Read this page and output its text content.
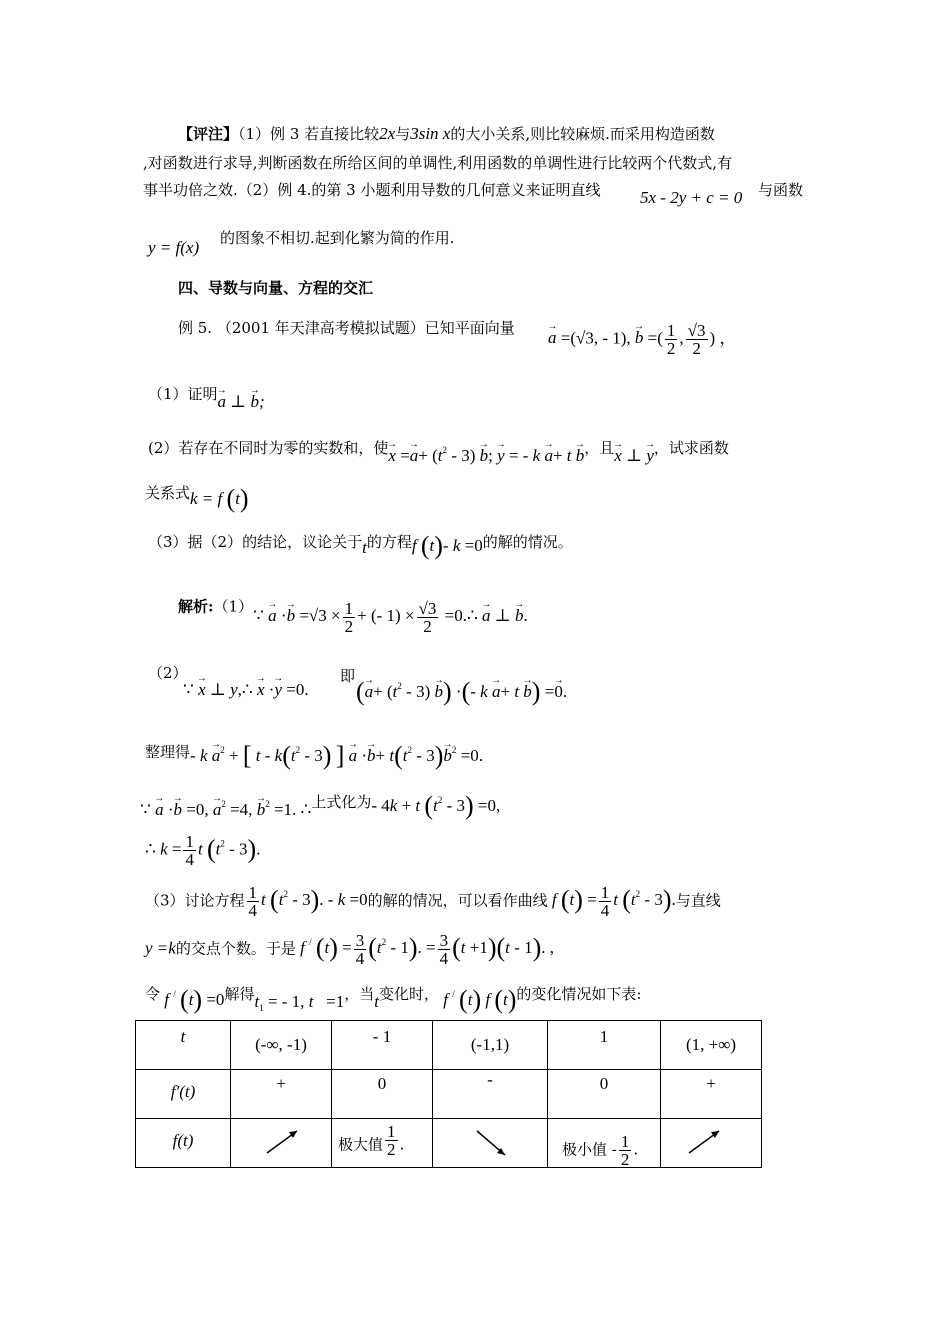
【评注】（1）例 3 若直接比较2x与3sin x的大小关系,则比较麻烦.而采用构造函数
,对函数进行求导,判断函数在所给区间的单调性,利用函数的单调性进行比较两个代数式,有
事半功倍之效.（2）例 4.的第 3 小题利用导数的几何意义来证明直线 5x - 2y + c = 0 与函数
y = f(x) 的图象不相切.起到化繁为简的作用.
四、导数与向量、方程的交汇
例 5. （2001 年天津高考模拟试题）已知平面向量
→ a =(√3, - 1), → b =( $\frac{1}{2}$ , $\frac{√3}{2}$ ) ，
（1）证明→ a ⊥ → b;
(2）若存在不同时为零的实数和，使→ $x =\to a+ (t^2 - 3) \to b$; → y = - k → a+ t → b，且→ x ⊥ → y，试求函数
关系式k = f (t)
（3）据（2）的结论，议论关于t的方程f (t)- k =0的解的情况。
解析:（1）∵ → $a \cdot\to b =√3 \times \frac{1}{2}$ + (- $1) \times \frac{√3}{2}$ =0.∴ → a ⊥ → b.
（2）
∵ → x ⊥ y,∴ → x ·→ y =0.
即
(→ $a+ (t^2 - 3) \to b$) ·(- k → a+ t → b) =→ 0.
整理得- $k \to a^2$ + [ t - $k(t^2 - 3)$ ] → $a \cdot\to b+ t(t^2 - 3)\to b^2 =0$.
∵ → a ·→ b =0, → $a^2 =4$, → $b^2 =1$. ∴上式化为- 4k + t $(t^2 - 3) =0$,
∴ $k = \frac{1}{4}$ t $(t^2 - 3)$.
（3）讨论方程 $\frac{1}{4}$ t $(t^2 - 3)$. - k =0的解的情况，可以看作曲线 f $(t) = \frac{1}{4}$ t $(t^2 - 3)$.与直线
y =k的交点个数。于是 f / $(t) = \frac{3}{4} (t^2 - 1)$. = $\frac{3}{4} (t +1)(t - 1)$. ,
令 f / (t) =0解得$t_1$ = - 1, t   =1，当t变化时， f / (t) f (t)的变化情况如下表:
t	(-∞, -1)	- 1	(-1,1)	1	(1, +∞)

f′(t)	+	0	-	0	+

f(t)		极大值 $\frac{1}{2}$ .		极小值 - $\frac{1}{2}$ .
